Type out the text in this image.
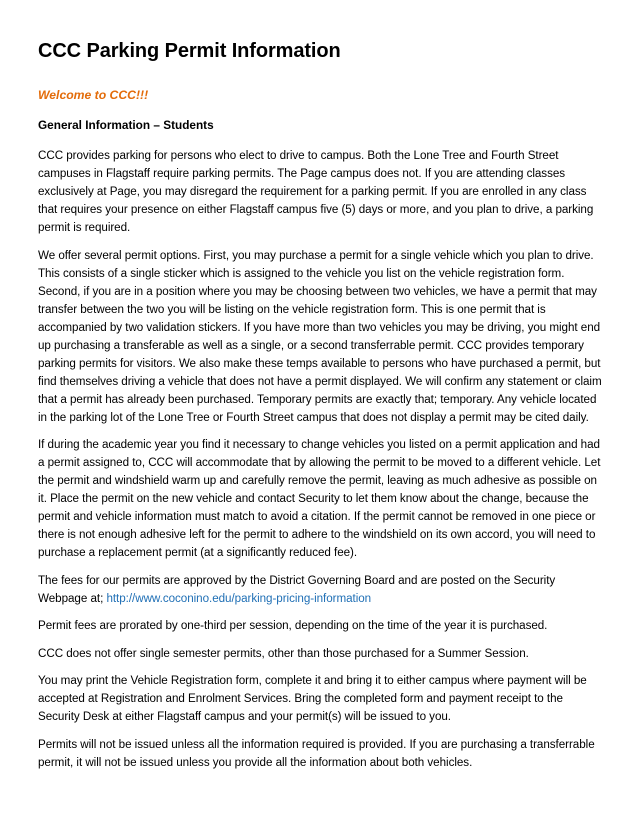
CCC Parking Permit Information
Welcome to CCC!!!
General Information – Students

CCC provides parking for persons who elect to drive to campus. Both the Lone Tree and Fourth Street campuses in Flagstaff require parking permits. The Page campus does not. If you are attending classes exclusively at Page, you may disregard the requirement for a parking permit. If you are enrolled in any class that requires your presence on either Flagstaff campus five (5) days or more, and you plan to drive, a parking permit is required.

We offer several permit options. First, you may purchase a permit for a single vehicle which you plan to drive. This consists of a single sticker which is assigned to the vehicle you list on the vehicle registration form. Second, if you are in a position where you may be choosing between two vehicles, we have a permit that may transfer between the two you will be listing on the vehicle registration form. This is one permit that is accompanied by two validation stickers. If you have more than two vehicles you may be driving, you might end up purchasing a transferable as well as a single, or a second transferrable permit. CCC provides temporary parking permits for visitors. We also make these temps available to persons who have purchased a permit, but find themselves driving a vehicle that does not have a permit displayed. We will confirm any statement or claim that a permit has already been purchased. Temporary permits are exactly that; temporary. Any vehicle located in the parking lot of the Lone Tree or Fourth Street campus that does not display a permit may be cited daily.

If during the academic year you find it necessary to change vehicles you listed on a permit application and had a permit assigned to, CCC will accommodate that by allowing the permit to be moved to a different vehicle. Let the permit and windshield warm up and carefully remove the permit, leaving as much adhesive as possible on it. Place the permit on the new vehicle and contact Security to let them know about the change, because the permit and vehicle information must match to avoid a citation. If the permit cannot be removed in one piece or there is not enough adhesive left for the permit to adhere to the windshield on its own accord, you will need to purchase a replacement permit (at a significantly reduced fee).

The fees for our permits are approved by the District Governing Board and are posted on the Security Webpage at; http://www.coconino.edu/parking-pricing-information

Permit fees are prorated by one-third per session, depending on the time of the year it is purchased.

CCC does not offer single semester permits, other than those purchased for a Summer Session.

You may print the Vehicle Registration form, complete it and bring it to either campus where payment will be accepted at Registration and Enrolment Services. Bring the completed form and payment receipt to the Security Desk at either Flagstaff campus and your permit(s) will be issued to you.

Permits will not be issued unless all the information required is provided. If you are purchasing a transferrable permit, it will not be issued unless you provide all the information about both vehicles.
